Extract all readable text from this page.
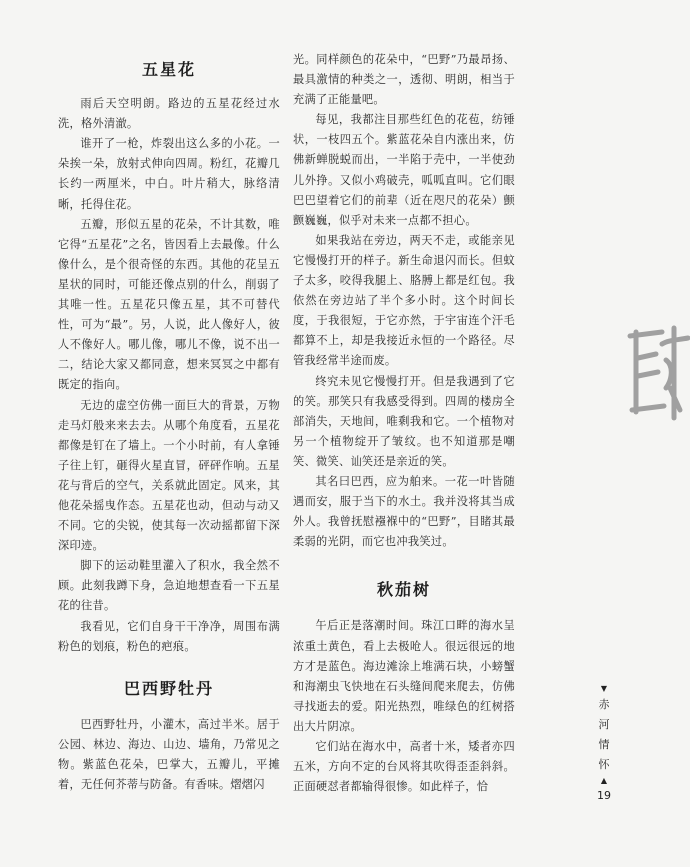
五星花

雨后天空明朗。路边的五星花经过水洗，格外清澈。

谁开了一枪，炸裂出这么多的小花。一朵挨一朵，放射式伸向四周。粉红，花瓣几长约一两厘米，中白。叶片稍大，脉络清晰，托得住花。

五瓣，形似五星的花朵，不计其数，唯它得“五星花”之名，皆因看上去最像。什么像什么，是个很奇怪的东西。其他的花呈五星状的同时，可能还像点别的什么，削弱了其唯一性。五星花只像五星，其不可替代性，可为“最”。另，人说，此人像好人，彼人不像好人。哪儿像，哪儿不像，说不出一二，结论大家又都同意，想来冥冥之中都有既定的指向。

无边的虚空仿佛一面巨大的背景，万物走马灯般来来去去。从哪个角度看，五星花都像是钉在了墙上。一个小时前，有人拿锤子往上钉，砸得火星直冒，砰砰作响。五星花与背后的空气，关系就此固定。风来，其他花朵摇曳作态。五星花也动，但动与动又不同。它的尖锐，使其每一次动摇都留下深深印迹。

脚下的运动鞋里灌入了积水，我全然不顾。此刻我蹲下身，急迫地想查看一下五星花的往昔。

我看见，它们自身干干净净，周围布满粉色的划痕，粉色的疤痕。

巴西野牡丹

巴西野牡丹，小灌木，高过半米。居于公园、林边、海边、山边、墙角，乃常见之物。紫蓝色花朵，巴掌大，五瓣儿，平摊着，无任何芥蒂与防备。有香味。熠熠闪

光。同样颜色的花朵中，“巴野”乃最昂扬、最具激情的种类之一，透彻、明朗，相当于充满了正能量吧。

每见，我都注目那些红色的花苞，纺锤状，一枝四五个。紫蓝花朵自内涨出来，仿佛新蝉脱蜕而出，一半陷于壳中，一半使劲儿外挣。又似小鸡破壳，呱呱直叫。它们眼巴巴望着它们的前辈（近在咫尺的花朵）颤颤巍巍，似乎对未来一点都不担心。

如果我站在旁边，两天不走，或能亲见它慢慢打开的样子。新生命退闪而长。但蚊子太多，咬得我腿上、胳膊上都是红包。我依然在旁边站了半个多小时。这个时间长度，于我很短，于它亦然，于宇宙连个汗毛都算不上，却是我接近永恒的一个路径。尽管我经常半途而废。

终究未见它慢慢打开。但是我遇到了它的笑。那笑只有我感受得到。四周的楼房全部消失，天地间，唯剩我和它。一个植物对另一个植物绽开了皱纹。也不知道那是嘲笑、微笑、讪笑还是亲近的笑。

其名曰巴西，应为舶来。一花一叶皆随遇而安，服于当下的水土。我并没将其当成外人。我曾抚慰襁褓中的“巴野”，目睹其最柔弱的光阴，而它也冲我笑过。

秋茄树

午后正是落潮时间。珠江口畔的海水呈浓重土黄色，看上去极呛人。很远很远的地方才是蓝色。海边滩涂上堆满石块，小螃蟹和海潮虫飞快地在石头缝间爬来爬去，仿佛寻找逝去的爱。阳光热烈，唯绿色的红树搭出大片阴凉。

它们站在海水中，高者十米，矮者亦四五米，方向不定的台风将其吹得歪歪斜斜。正面硬怼者都输得很惨。如此样子，恰

▼
赤
河
情
怀
▲
19
